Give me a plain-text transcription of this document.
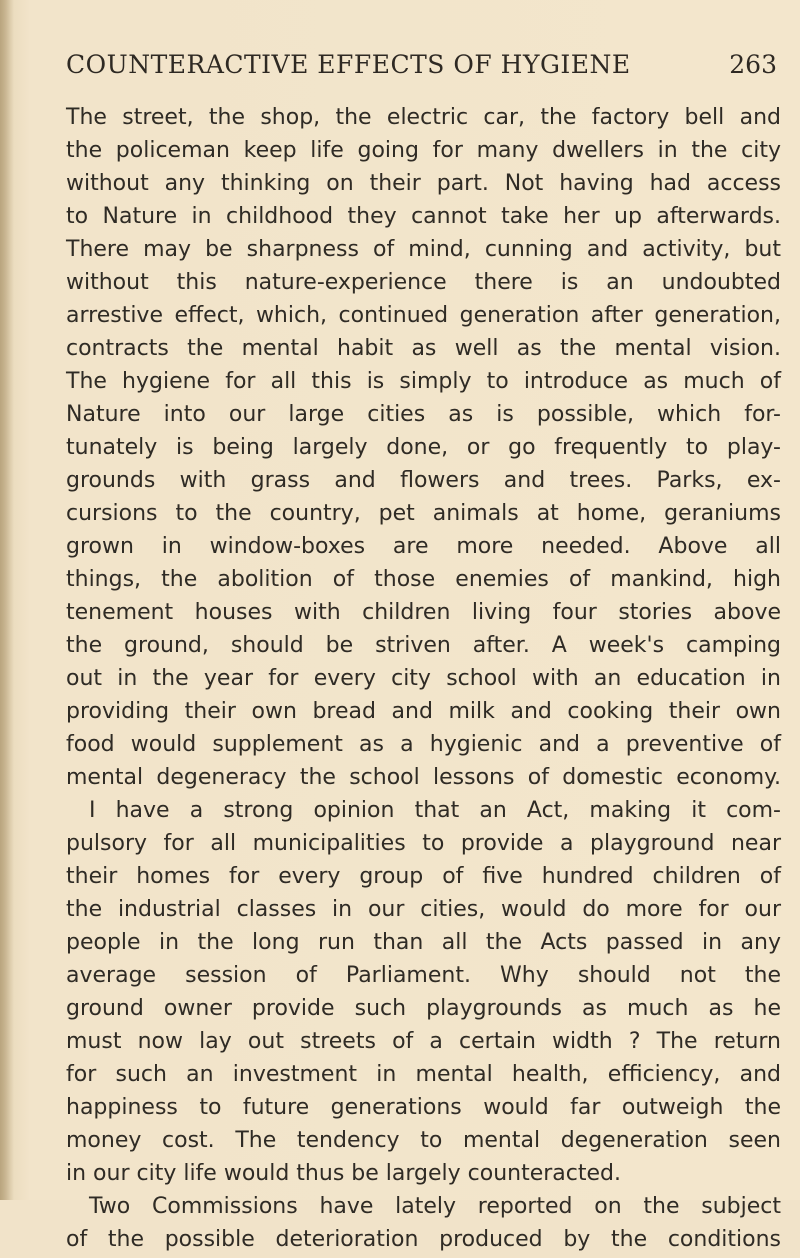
COUNTERACTIVE EFFECTS OF HYGIENE	263
The street, the shop, the electric car, the factory bell and
the policeman keep life going for many dwellers in the city
without any thinking on their part. Not having had access
to Nature in childhood they cannot take her up afterwards.
There may be sharpness of mind, cunning and activity, but
without this nature-experience there is an undoubted
arrestive effect, which, continued generation after generation,
contracts the mental habit as well as the mental vision.
The hygiene for all this is simply to introduce as much of
Nature into our large cities as is possible, which for-
tunately is being largely done, or go frequently to play-
grounds with grass and flowers and trees. Parks, ex-
cursions to the country, pet animals at home, geraniums
grown in window-boxes are more needed. Above all
things, the abolition of those enemies of mankind, high
tenement houses with children living four stories above
the ground, should be striven after. A week's camping
out in the year for every city school with an education in
providing their own bread and milk and cooking their own
food would supplement as a hygienic and a preventive of
mental degeneracy the school lessons of domestic economy.
I have a strong opinion that an Act, making it com-
pulsory for all municipalities to provide a playground near
their homes for every group of five hundred children of
the industrial classes in our cities, would do more for our
people in the long run than all the Acts passed in any
average session of Parliament. Why should not the
ground owner provide such playgrounds as much as he
must now lay out streets of a certain width ? The return
for such an investment in mental health, efficiency, and
happiness to future generations would far outweigh the
money cost. The tendency to mental degeneration seen
in our city life would thus be largely counteracted.
Two Commissions have lately reported on the subject
of the possible deterioration produced by the conditions
